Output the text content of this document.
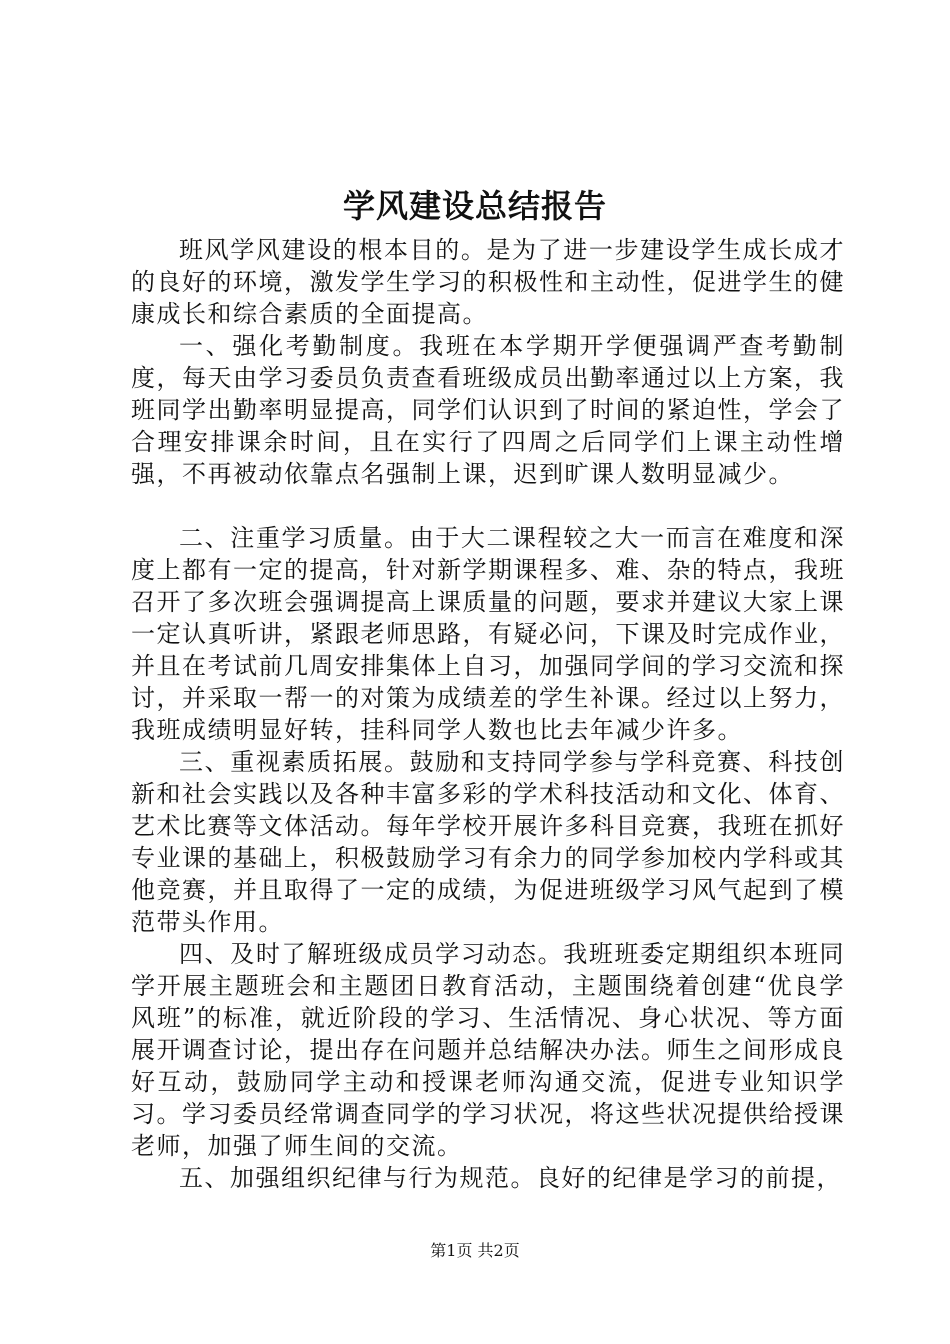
学风建设总结报告

班风学风建设的根本目的。是为了进一步建设学生成长成才的良好的环境，激发学生学习的积极性和主动性，促进学生的健康成长和综合素质的全面提高。

一、强化考勤制度。我班在本学期开学便强调严查考勤制度，每天由学习委员负责查看班级成员出勤率通过以上方案，我班同学出勤率明显提高，同学们认识到了时间的紧迫性，学会了合理安排课余时间，且在实行了四周之后同学们上课主动性增强，不再被动依靠点名强制上课，迟到旷课人数明显减少。

二、注重学习质量。由于大二课程较之大一而言在难度和深度上都有一定的提高，针对新学期课程多、难、杂的特点，我班召开了多次班会强调提高上课质量的问题，要求并建议大家上课一定认真听讲，紧跟老师思路，有疑必问，下课及时完成作业，并且在考试前几周安排集体上自习，加强同学间的学习交流和探讨，并采取一帮一的对策为成绩差的学生补课。经过以上努力，我班成绩明显好转，挂科同学人数也比去年减少许多。

三、重视素质拓展。鼓励和支持同学参与学科竞赛、科技创新和社会实践以及各种丰富多彩的学术科技活动和文化、体育、艺术比赛等文体活动。每年学校开展许多科目竞赛，我班在抓好专业课的基础上，积极鼓励学习有余力的同学参加校内学科或其他竞赛，并且取得了一定的成绩，为促进班级学习风气起到了模范带头作用。

四、及时了解班级成员学习动态。我班班委定期组织本班同学开展主题班会和主题团日教育活动，主题围绕着创建“优良学风班”的标准，就近阶段的学习、生活情况、身心状况、等方面展开调查讨论，提出存在问题并总结解决办法。师生之间形成良好互动，鼓励同学主动和授课老师沟通交流，促进专业知识学习。学习委员经常调查同学的学习状况，将这些状况提供给授课老师，加强了师生间的交流。

五、加强组织纪律与行为规范。良好的纪律是学习的前提，

第1页 共2页
